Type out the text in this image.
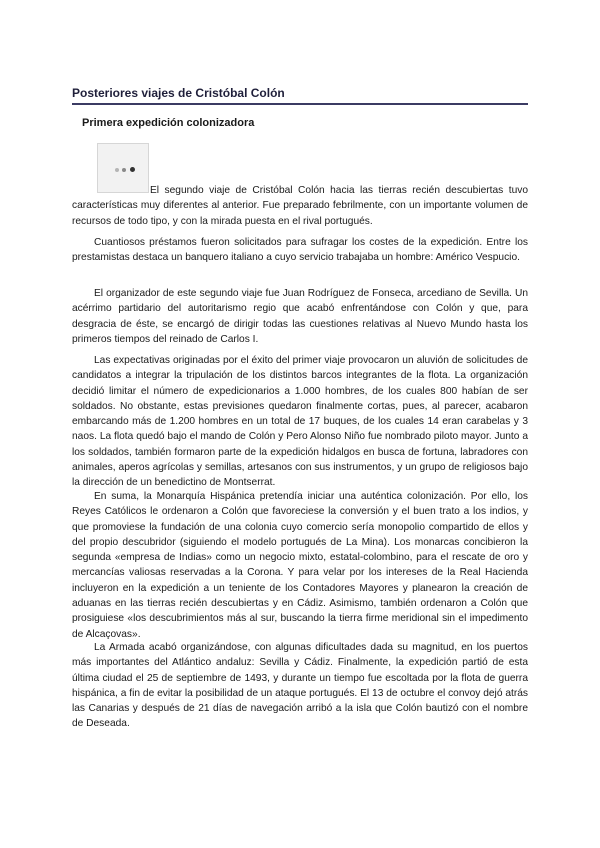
Posteriores viajes de Cristóbal Colón
Primera expedición colonizadora

El segundo viaje de Cristóbal Colón hacia las tierras recién descubiertas tuvo características muy diferentes al anterior. Fue preparado febrilmente, con un importante volumen de recursos de todo tipo, y con la mirada puesta en el rival portugués.

Cuantiosos préstamos fueron solicitados para sufragar los costes de la expedición. Entre los prestamistas destaca un banquero italiano a cuyo servicio trabajaba un hombre: Américo Vespucio.

El organizador de este segundo viaje fue Juan Rodríguez de Fonseca, arcediano de Sevilla. Un acérrimo partidario del autoritarismo regio que acabó enfrentándose con Colón y que, para desgracia de éste, se encargó de dirigir todas las cuestiones relativas al Nuevo Mundo hasta los primeros tiempos del reinado de Carlos I.

Las expectativas originadas por el éxito del primer viaje provocaron un aluvión de solicitudes de candidatos a integrar la tripulación de los distintos barcos integrantes de la flota. La organización decidió limitar el número de expedicionarios a 1.000 hombres, de los cuales 800 habían de ser soldados. No obstante, estas previsiones quedaron finalmente cortas, pues, al parecer, acabaron embarcando más de 1.200 hombres en un total de 17 buques, de los cuales 14 eran carabelas y 3 naos. La flota quedó bajo el mando de Colón y Pero Alonso Niño fue nombrado piloto mayor. Junto a los soldados, también formaron parte de la expedición hidalgos en busca de fortuna, labradores con animales, aperos agrícolas y semillas, artesanos con sus instrumentos, y un grupo de religiosos bajo la dirección de un benedictino de Montserrat.

En suma, la Monarquía Hispánica pretendía iniciar una auténtica colonización. Por ello, los Reyes Católicos le ordenaron a Colón que favoreciese la conversión y el buen trato a los indios, y que promoviese la fundación de una colonia cuyo comercio sería monopolio compartido de ellos y del propio descubridor (siguiendo el modelo portugués de La Mina). Los monarcas concibieron la segunda «empresa de Indias» como un negocio mixto, estatal-colombino, para el rescate de oro y mercancías valiosas reservadas a la Corona. Y para velar por los intereses de la Real Hacienda incluyeron en la expedición a un teniente de los Contadores Mayores y planearon la creación de aduanas en las tierras recién descubiertas y en Cádiz. Asimismo, también ordenaron a Colón que prosiguiese «los descubrimientos más al sur, buscando la tierra firme meridional sin el impedimento de Alcaçovas».

La Armada acabó organizándose, con algunas dificultades dada su magnitud, en los puertos más importantes del Atlántico andaluz: Sevilla y Cádiz. Finalmente, la expedición partió de esta última ciudad el 25 de septiembre de 1493, y durante un tiempo fue escoltada por la flota de guerra hispánica, a fin de evitar la posibilidad de un ataque portugués. El 13 de octubre el convoy dejó atrás las Canarias y después de 21 días de navegación arribó a la isla que Colón bautizó con el nombre de Deseada.
